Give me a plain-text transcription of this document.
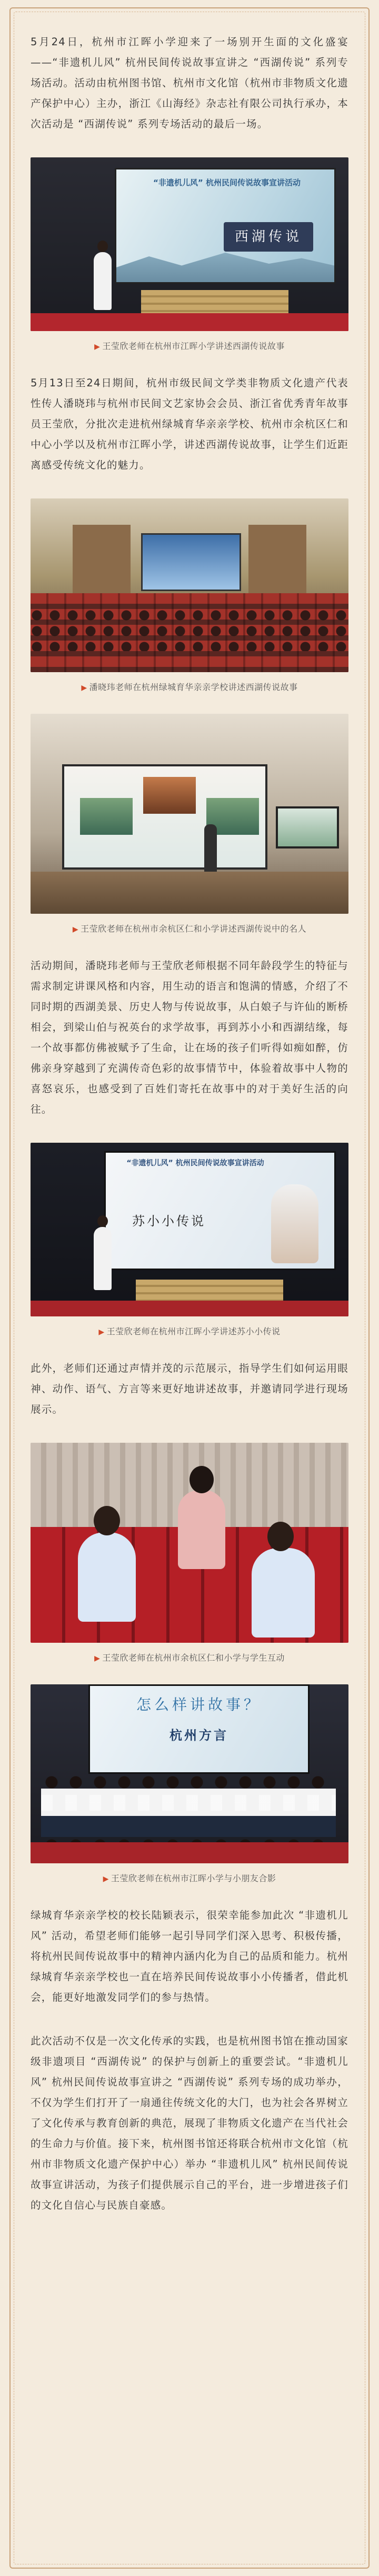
5月24日，杭州市江晖小学迎来了一场别开生面的文化盛宴——“非遗机儿风” 杭州民间传说故事宣讲之 “西湖传说” 系列专场活动。活动由杭州图书馆、杭州市文化馆（杭州市非物质文化遗产保护中心）主办，浙江《山海经》杂志社有限公司执行承办，本次活动是 “西湖传说” 系列专场活动的最后一场。

“非遗机儿风” 杭州民间传说故事宣讲活动
西湖传说
▶ 王莹欣老师在杭州市江晖小学讲述西湖传说故事

5月13日至24日期间，杭州市级民间文学类非物质文化遗产代表性传人潘晓玮与杭州市民间文艺家协会会员、浙江省优秀青年故事员王莹欣，分批次走进杭州绿城育华亲亲学校、杭州市余杭区仁和中心小学以及杭州市江晖小学，讲述西湖传说故事，让学生们近距离感受传统文化的魅力。

▶ 潘晓玮老师在杭州绿城育华亲亲学校讲述西湖传说故事
▶ 王莹欣老师在杭州市余杭区仁和小学讲述西湖传说中的名人

活动期间，潘晓玮老师与王莹欣老师根据不同年龄段学生的特征与需求制定讲课风格和内容，用生动的语言和饱满的情感，介绍了不同时期的西湖美景、历史人物与传说故事，从白娘子与许仙的断桥相会，到梁山伯与祝英台的求学故事，再到苏小小和西湖结缘，每一个故事都仿佛被赋予了生命，让在场的孩子们听得如痴如醉，仿佛亲身穿越到了充满传奇色彩的故事情节中，体验着故事中人物的喜怒哀乐，也感受到了百姓们寄托在故事中的对于美好生活的向往。

“非遗机儿风” 杭州民间传说故事宣讲活动
苏小小传说
▶ 王莹欣老师在杭州市江晖小学讲述苏小小传说

此外，老师们还通过声情并茂的示范展示，指导学生们如何运用眼神、动作、语气、方言等来更好地讲述故事，并邀请同学进行现场展示。

▶ 王莹欣老师在杭州市余杭区仁和小学与学生互动
怎么样讲故事？
杭州方言
▶ 王莹欣老师在杭州市江晖小学与小朋友合影

绿城育华亲亲学校的校长陆颖表示，很荣幸能参加此次 “非遗机儿风” 活动，希望老师们能够一起引导同学们深入思考、积极传播，将杭州民间传说故事中的精神内涵内化为自己的品质和能力。杭州绿城育华亲亲学校也一直在培养民间传说故事小小传播者，借此机会，能更好地激发同学们的参与热情。

此次活动不仅是一次文化传承的实践，也是杭州图书馆在推动国家级非遗项目 “西湖传说” 的保护与创新上的重要尝试。“非遗机儿风” 杭州民间传说故事宣讲之 “西湖传说” 系列专场的成功举办，不仅为学生们打开了一扇通往传统文化的大门，也为社会各界树立了文化传承与教育创新的典范，展现了非物质文化遗产在当代社会的生命力与价值。接下来，杭州图书馆还将联合杭州市文化馆（杭州市非物质文化遗产保护中心）举办 “非遗机儿风” 杭州民间传说故事宣讲活动，为孩子们提供展示自己的平台，进一步增进孩子们的文化自信心与民族自豪感。
